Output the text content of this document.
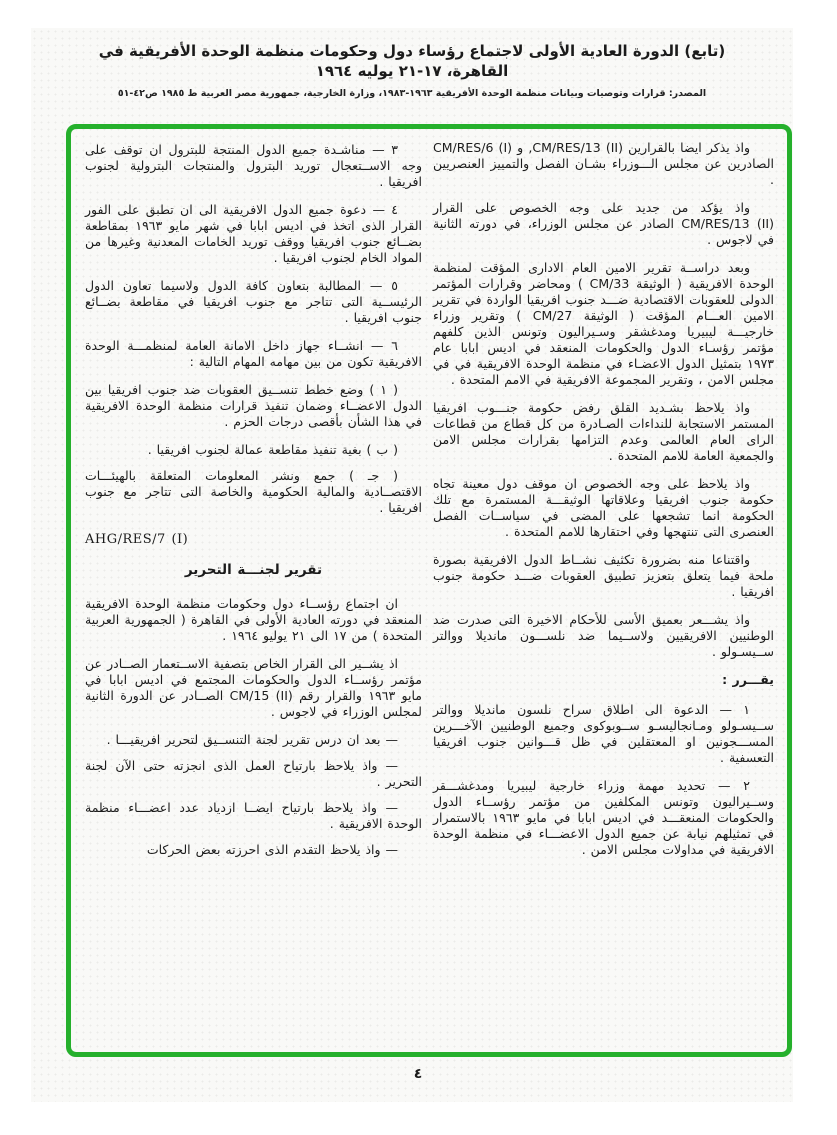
(تابع) الدورة العادية الأولى لاجتماع رؤساء دول وحكومات منظمة الوحدة الأفريقية في القاهرة، ١٧-٢١ يوليه ١٩٦٤
المصدر: قرارات وتوصيات وبيانات منظمة الوحدة الأفريقية ١٩٦٣-١٩٨٣، وزارة الخارجية، جمهورية مصر العربية ط ١٩٨٥ ص٤٢-٥١

واذ يذكر ايضا بالقرارين ‎CM/RES/13 (II)‎, و ‎CM/RES/6 (I)‎ الصادرين عن مجلس الـــوزراء بشـان الفصل والتمييز العنصريين .

واذ يؤكد من جديد على وجه الخصوص على القرار ‎CM/RES/13 (II)‎ الصادر عن مجلس الوزراء، في دورته الثانية في لاجوس .

وبعد دراســة تقرير الامين العام الادارى المؤقت لمنظمة الوحدة الافريقية ( الوثيقة ‎CM/33‎ ) ومحاضر وقرارات المؤتمر الدولى للعقوبات الاقتصادية ضـــد جنوب افريقيا الواردة في تقرير الامين العـــام المؤقت ( الوثيقة ‎CM/27‎ ) وتقرير وزراء خارجيـــة ليبيريا ومدغشقر وسـيراليون وتونس الذين كلفهم مؤتمر رؤسـاء الدول والحكومات المنعقد في اديس ابابا عام ١٩٧٣ بتمثيل الدول الاعضـاء في منظمة الوحدة الافريقية في في مجلس الامن ، وتقرير المجموعة الافريقية في الامم المتحدة .

واذ يلاحظ بشـديد القلق رفض حكومة جنـــوب افريقيا المستمر الاستجابة للنداءات الصـادرة من كل قطاع من قطاعات الراى العام العالمى وعدم التزامها بقرارات مجلس الامن والجمعية العامة للامم المتحدة .

واذ يلاحظ على وجه الخصوص ان موقف دول معينة تجاه حكومة جنوب افريقيا وعلاقاتها الوثيقـــة المستمرة مع تلك الحكومة انما تشجعها على المضى في سياســات الفصل العنصرى التى تنتهجها وفي احتقارها للامم المتحدة .

واقتناعا منه بضرورة تكثيف نشــاط الدول الافريقية بصورة ملحة فيما يتعلق بتعزيز تطبيق العقوبات ضـــد حكومة جنوب افريقيا .

واذ يشـــعر بعميق الأسى للأحكام الاخيرة التى صدرت ضد الوطنيين الافريقيين ولاســيما ضد نلســـون مانديلا ووالتر ســيسـولو .

يقـــرر :

١ — الدعوة الى اطلاق سراح نلسون مانديلا ووالتر ســيسـولو ومـانجاليسـو ســوبوكوى وجميع الوطنيين الآخـــرين المســـجونين او المعتقلين في ظل قـــوانين جنوب افريقيا التعسفية .

٢ — تحديد مهمة وزراء خارجية ليبيريا ومدغشـــقر وســيراليون وتونس المكلفين من مؤتمر رؤســاء الدول والحكومات المنعقـــد في اديس ابابا في مايو ١٩٦٣ بالاستمرار في تمثيلهم نيابة عن جميع الدول الاعضـــاء في منظمة الوحدة الافريقية في مداولات مجلس الامن .

٣ — مناشـدة جميع الدول المنتجة للبترول ان توقف على وجه الاســتعجال توريد البترول والمنتجات البترولية لجنوب افريقيا .

٤ — دعوة جميع الدول الافريقية الى ان تطبق على الفور القرار الذى اتخذ في اديس ابابا في شهر مايو ١٩٦٣ بمقاطعة بضــائع جنوب افريقيا ووقف توريد الخامات المعدنية وغيرها من المواد الخام لجنوب افريقيا .

٥ — المطالبة بتعاون كافة الدول ولاسيما تعاون الدول الرئيســية التى تتاجر مع جنوب افريقيا في مقاطعة بضــائع جنوب افريقيا .

٦ — انشــاء جهاز داخل الامانة العامة لمنظمـــة الوحدة الافريقية تكون من بين مهامه المهام التالية :

( ١ ) وضع خطط تنســيق العقوبات ضد جنوب افريقيا بين الدول الاعضــاء وضمان تنفيذ قرارات منظمة الوحدة الافريقية في هذا الشأن بأقصى درجات الحزم .

( ب ) بغية تنفيذ مقاطعة عمالة لجنوب افريقيا .

( جـ ) جمع ونشر المعلومات المتعلقة بالهيئـــات الاقتصــادية والمالية الحكومية والخاصة التى تتاجر مع جنوب افريقيا .

AHG/RES/7 (I)

تقرير لجنـــة التحرير

ان اجتماع رؤســاء دول وحكومات منظمة الوحدة الافريقية المنعقد في دورته العادية الأولى في القاهرة ( الجمهورية العربية المتحدة ) من ١٧ الى ٢١ يوليو ١٩٦٤ .

اذ يشــير الى القرار الخاص بتصفية الاســتعمار الصــادر عن مؤتمر رؤســاء الدول والحكومات المجتمع في اديس ابابا في مايو ١٩٦٣ والقرار رقم ‎CM/15 (II)‎ الصــادر عن الدورة الثانية لمجلس الوزراء في لاجوس .

— بعد ان درس تقرير لجنة التنســيق لتحرير افريقيـــا .

— واذ يلاحظ بارتياح العمل الذى انجزته حتى الآن لجنة التحرير .

— واذ يلاحظ بارتياح ايضــا ازدياد عدد اعضـــاء منظمة الوحدة الافريقية .

— واذ يلاحظ التقدم الذى احرزته بعض الحركات

٤
